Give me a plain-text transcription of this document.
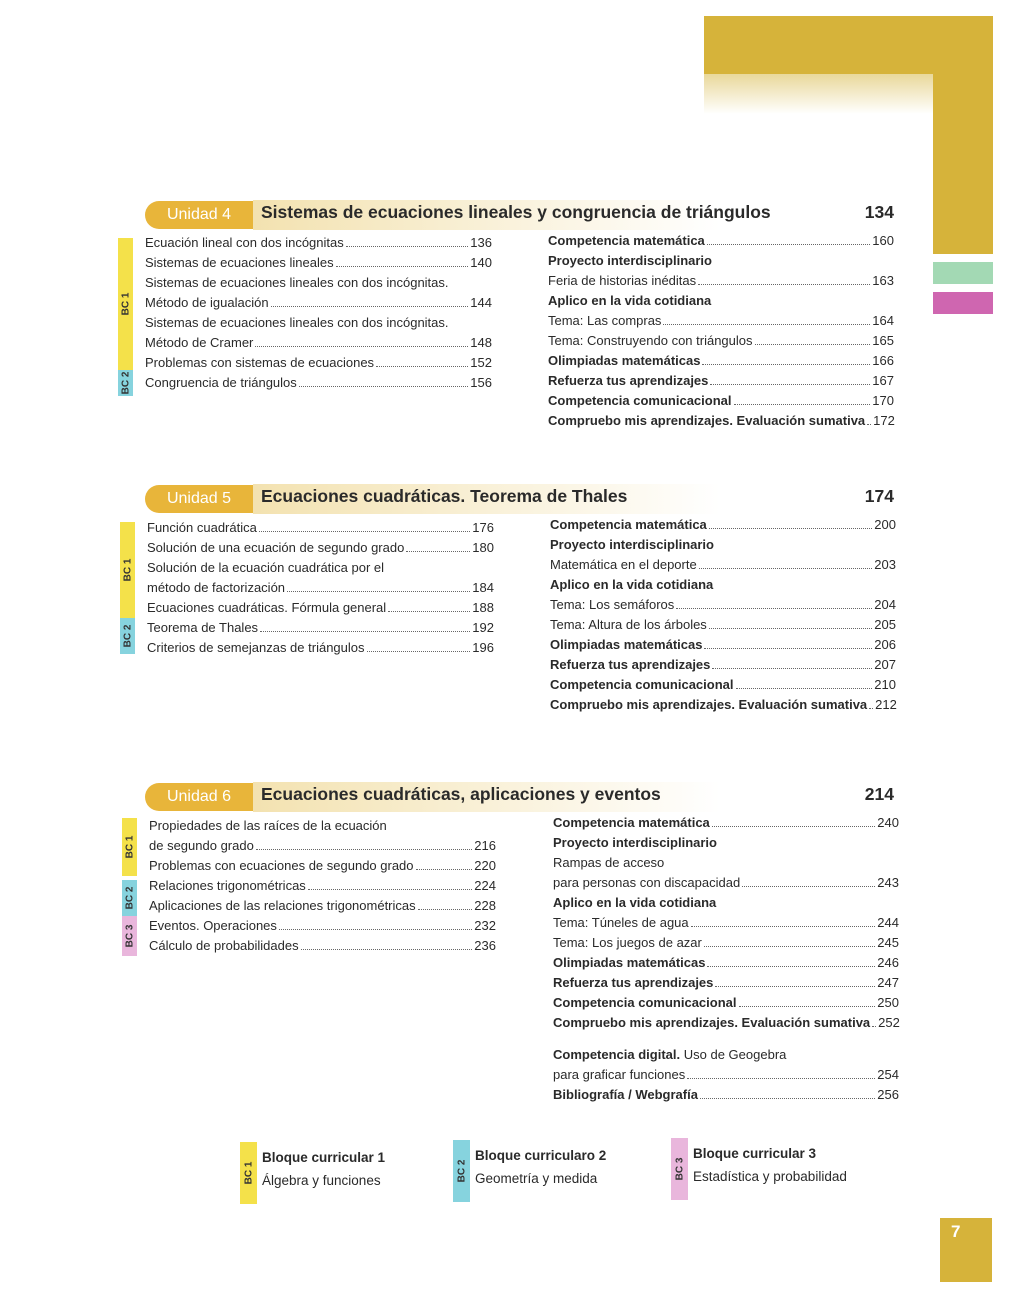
Unidad 4	Sistemas de ecuaciones lineales y congruencia de triángulos	134
BC 1
BC 2
Ecuación lineal con dos incógnitas	136
Sistemas de ecuaciones lineales	140
Sistemas de ecuaciones lineales con dos incógnitas.
Método de igualación	144
Sistemas de ecuaciones lineales con dos incógnitas.
Método de Cramer	148
Problemas con sistemas de ecuaciones	152
Congruencia de triángulos	156
Competencia matemática	160
Proyecto interdisciplinario
Feria de historias inéditas	163
Aplico en la vida cotidiana
Tema: Las compras	164
Tema: Construyendo con triángulos	165
Olimpiadas matemáticas	166
Refuerza tus aprendizajes	167
Competencia comunicacional	170
Compruebo mis aprendizajes. Evaluación sumativa 172
Unidad 5	Ecuaciones cuadráticas. Teorema de Thales	174
BC 1
BC 2
Función cuadrática	176
Solución de una ecuación de segundo grado	180
Solución de la ecuación cuadrática por el
método de factorización	184
Ecuaciones cuadráticas. Fórmula general	188
Teorema de Thales	192
Criterios de semejanzas de triángulos	196
Competencia matemática	200
Proyecto interdisciplinario
Matemática en el deporte	203
Aplico en la vida cotidiana
Tema: Los semáforos	204
Tema: Altura de los árboles	205
Olimpiadas matemáticas	206
Refuerza tus aprendizajes	207
Competencia comunicacional	210
Compruebo mis aprendizajes. Evaluación sumativa 212
Unidad 6	Ecuaciones cuadráticas, aplicaciones y eventos	214
BC 1
BC 2
BC 3
Propiedades de las raíces de la ecuación
de segundo grado	216
Problemas con ecuaciones de segundo grado	220
Relaciones trigonométricas	224
Aplicaciones de las relaciones trigonométricas	228
Eventos. Operaciones	232
Cálculo de probabilidades	236
Competencia matemática	240
Proyecto interdisciplinario
Rampas de acceso
para personas con discapacidad	243
Aplico en la vida cotidiana
Tema: Túneles de agua	244
Tema: Los juegos de azar	245
Olimpiadas matemáticas	246
Refuerza tus aprendizajes	247
Competencia comunicacional	250
Compruebo mis aprendizajes. Evaluación sumativa 252
Competencia digital. Uso de Geogebra
para graficar funciones	254
Bibliografía / Webgrafía	256
BC 1
Bloque curricular 1
Álgebra y funciones	BC 2
Bloque curricularo 2
Geometría y medida	BC 3
Bloque curricular 3
Estadística y probabilidad
7
